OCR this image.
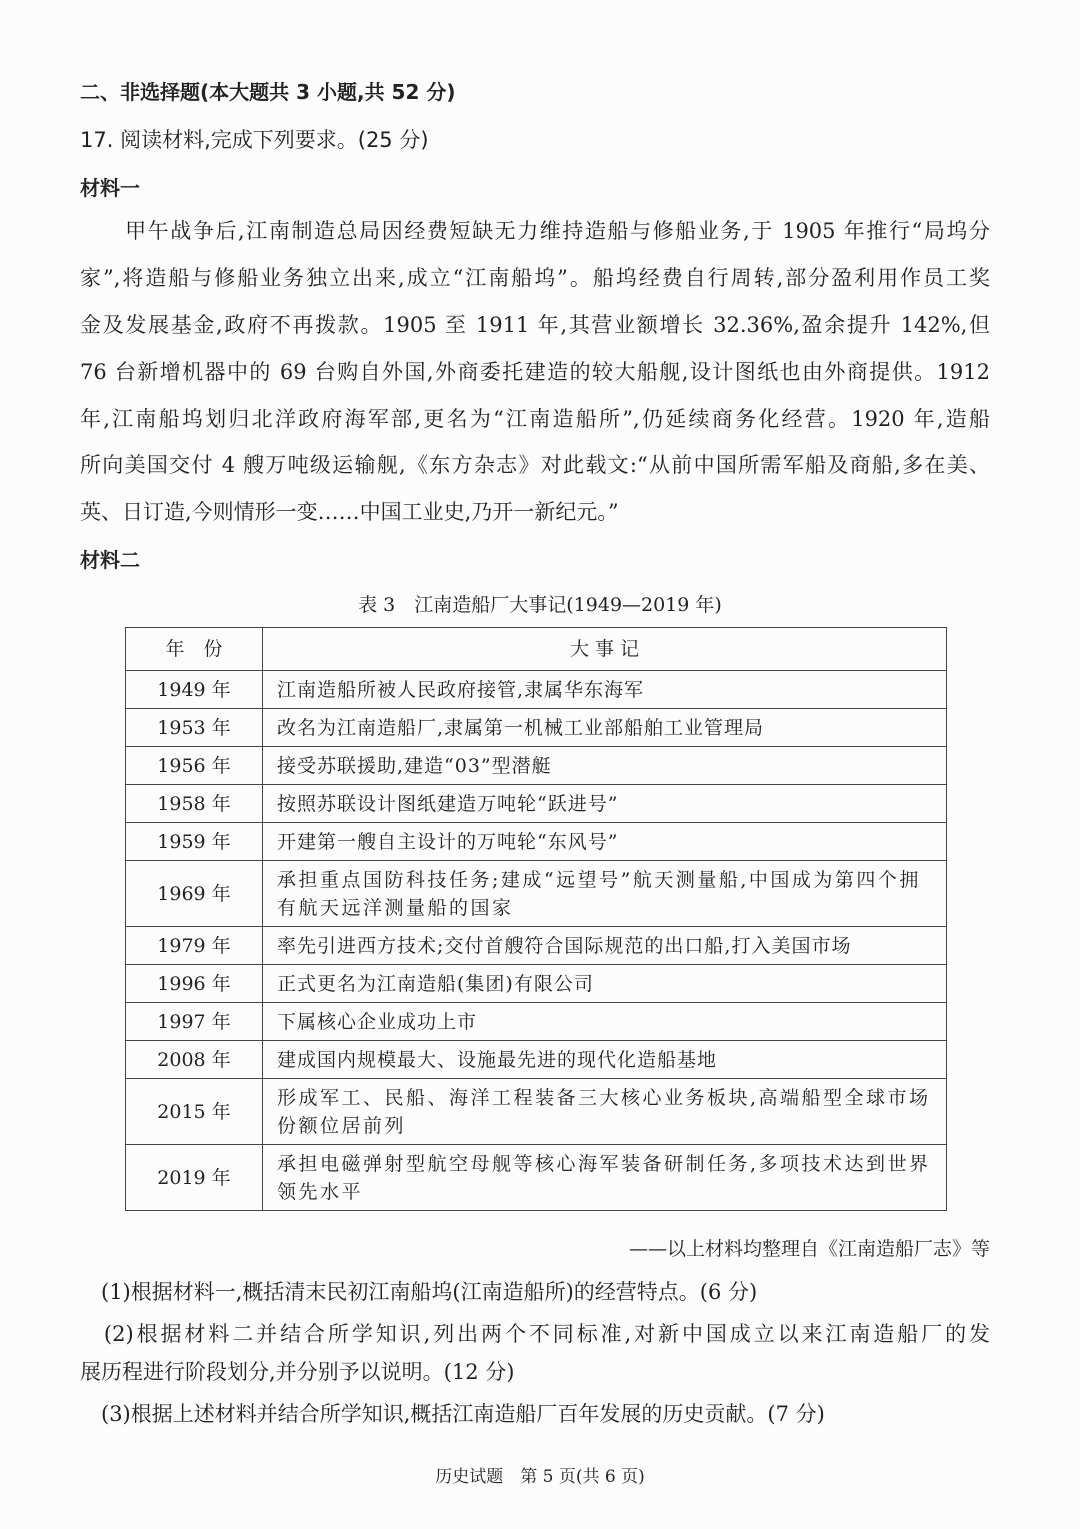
二、非选择题(本大题共 3 小题,共 52 分)
17. 阅读材料,完成下列要求。(25 分)
材料一
　　甲午战争后,江南制造总局因经费短缺无力维持造船与修船业务,于 1905 年推行“局坞分
家”,将造船与修船业务独立出来,成立“江南船坞”。船坞经费自行周转,部分盈利用作员工奖
金及发展基金,政府不再拨款。1905 至 1911 年,其营业额增长 32.36%,盈余提升 142%,但
76 台新增机器中的 69 台购自外国,外商委托建造的较大船舰,设计图纸也由外商提供。1912
年,江南船坞划归北洋政府海军部,更名为“江南造船所”,仍延续商务化经营。1920 年,造船
所向美国交付 4 艘万吨级运输舰,《东方杂志》对此载文:“从前中国所需军船及商船,多在美、
英、日订造,今则情形一变……中国工业史,乃开一新纪元。”
材料二
表 3　江南造船厂大事记(1949—2019 年)
年　份	大 事 记
1949 年	江南造船所被人民政府接管,隶属华东海军
1953 年	改名为江南造船厂,隶属第一机械工业部船舶工业管理局
1956 年	接受苏联援助,建造“03”型潜艇
1958 年	按照苏联设计图纸建造万吨轮“跃进号”
1959 年	开建第一艘自主设计的万吨轮“东风号”
1969 年	承担重点国防科技任务;建成“远望号”航天测量船,中国成为第四个拥有航天远洋测量船的国家
1979 年	率先引进西方技术;交付首艘符合国际规范的出口船,打入美国市场
1996 年	正式更名为江南造船(集团)有限公司
1997 年	下属核心企业成功上市
2008 年	建成国内规模最大、设施最先进的现代化造船基地
2015 年	形成军工、民船、海洋工程装备三大核心业务板块,高端船型全球市场份额位居前列
2019 年	承担电磁弹射型航空母舰等核心海军装备研制任务,多项技术达到世界领先水平
——以上材料均整理自《江南造船厂志》等
　(1)根据材料一,概括清末民初江南船坞(江南造船所)的经营特点。(6 分)
　(2)根据材料二并结合所学知识,列出两个不同标准,对新中国成立以来江南造船厂的发
展历程进行阶段划分,并分别予以说明。(12 分)
　(3)根据上述材料并结合所学知识,概括江南造船厂百年发展的历史贡献。(7 分)
历史试题　第 5 页(共 6 页)
